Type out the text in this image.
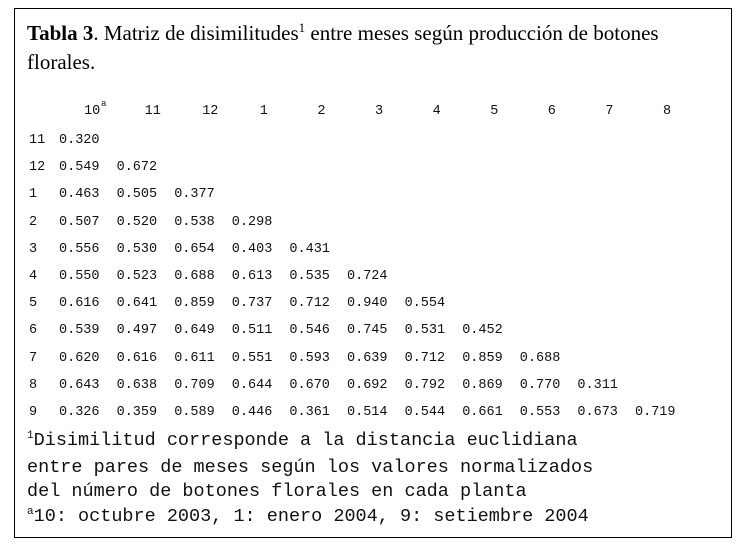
Tabla 3. Matriz de disimilitudes$^1$ entre meses según producción de botones florales.
10 a	11	12	1	2	3	4	5	6	7	8
11 0.320
12 0.549 0.672
1 0.463 0.505 0.377
2 0.507 0.520 0.538 0.298
3 0.556 0.530 0.654 0.403 0.431
4 0.550 0.523 0.688 0.613 0.535 0.724
5 0.616 0.641 0.859 0.737 0.712 0.940 0.554
6 0.539 0.497 0.649 0.511 0.546 0.745 0.531 0.452
7 0.620 0.616 0.611 0.551 0.593 0.639 0.712 0.859 0.688
8 0.643 0.638 0.709 0.644 0.670 0.692 0.792 0.869 0.770 0.311
9 0.326 0.359 0.589 0.446 0.361 0.514 0.544 0.661 0.553 0.673 0.719
$^1$Disimilitud corresponde a la distancia euclidiana
entre pares de meses según los valores normalizados
del número de botones florales en cada planta
$^a$10: octubre 2003, 1: enero 2004, 9: setiembre 2004
